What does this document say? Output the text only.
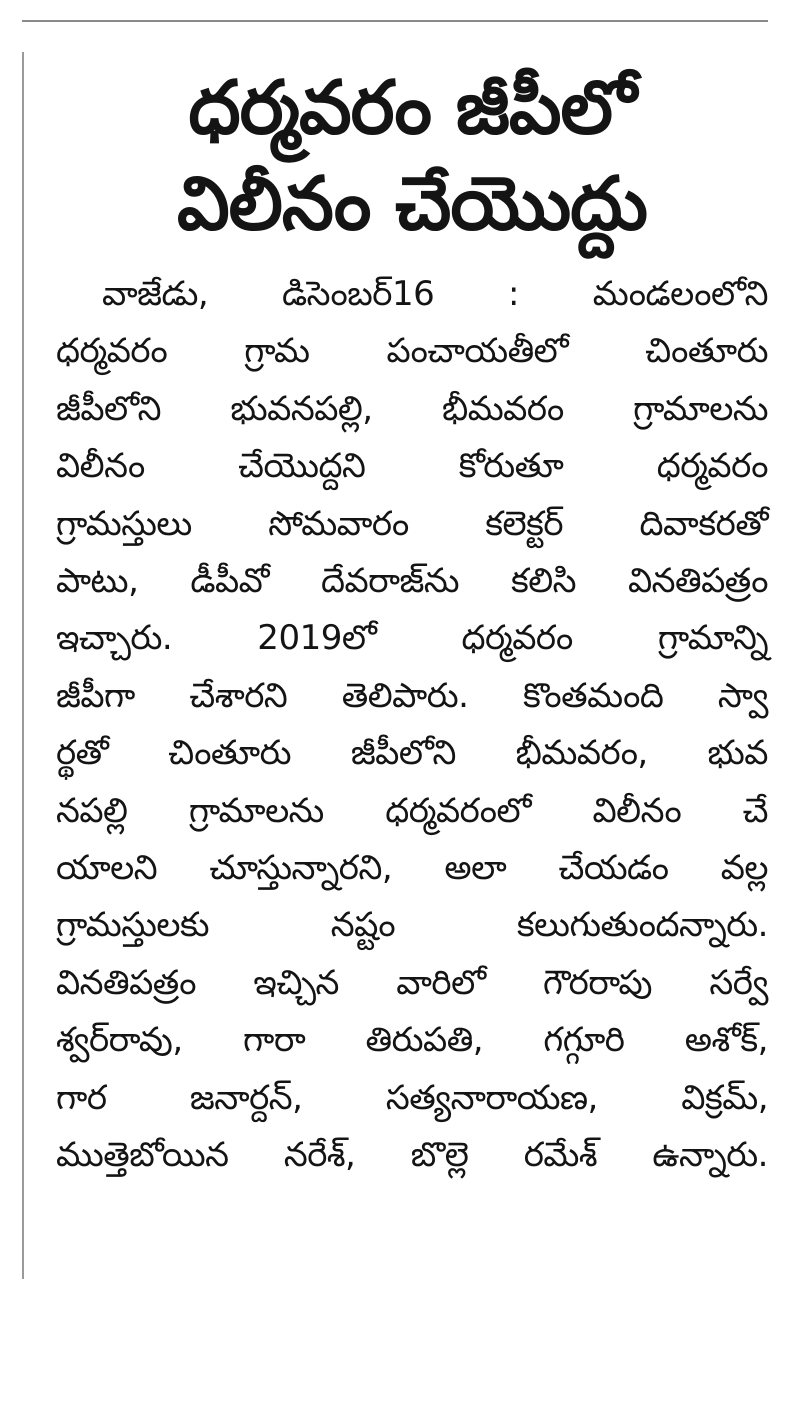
ధర్మవరం జీపీలో
విలీనం చేయొద్దు
వాజేడు, డిసెంబర్16 : మండలంలోని
ధర్మవరం గ్రామ పంచాయతీలో చింతూరు
జీపీలోని భువనపల్లి, భీమవరం గ్రామాలను
విలీనం చేయొద్దని కోరుతూ ధర్మవరం
గ్రామస్తులు సోమవారం కలెక్టర్ దివాకరతో
పాటు, డీపీవో దేవరాజ్‌ను కలిసి వినతిపత్రం
ఇచ్చారు. 2019లో ధర్మవరం గ్రామాన్ని
జీపీగా చేశారని తెలిపారు. కొంతమంది స్వా
ర్థతో చింతూరు జీపీలోని భీమవరం, భువ
నపల్లి గ్రామాలను ధర్మవరంలో విలీనం చే
యాలని చూస్తున్నారని, అలా చేయడం వల్ల
గ్రామస్తులకు నష్టం కలుగుతుందన్నారు.
వినతిపత్రం ఇచ్చిన వారిలో గౌరరాపు సర్వే
శ్వర్‌రావు, గారా తిరుపతి, గగ్గూరి అశోక్,
గార జనార్దన్, సత్యనారాయణ, విక్రమ్,
ముత్తెబోయిన నరేశ్, బొల్లె రమేశ్ ఉన్నారు.
